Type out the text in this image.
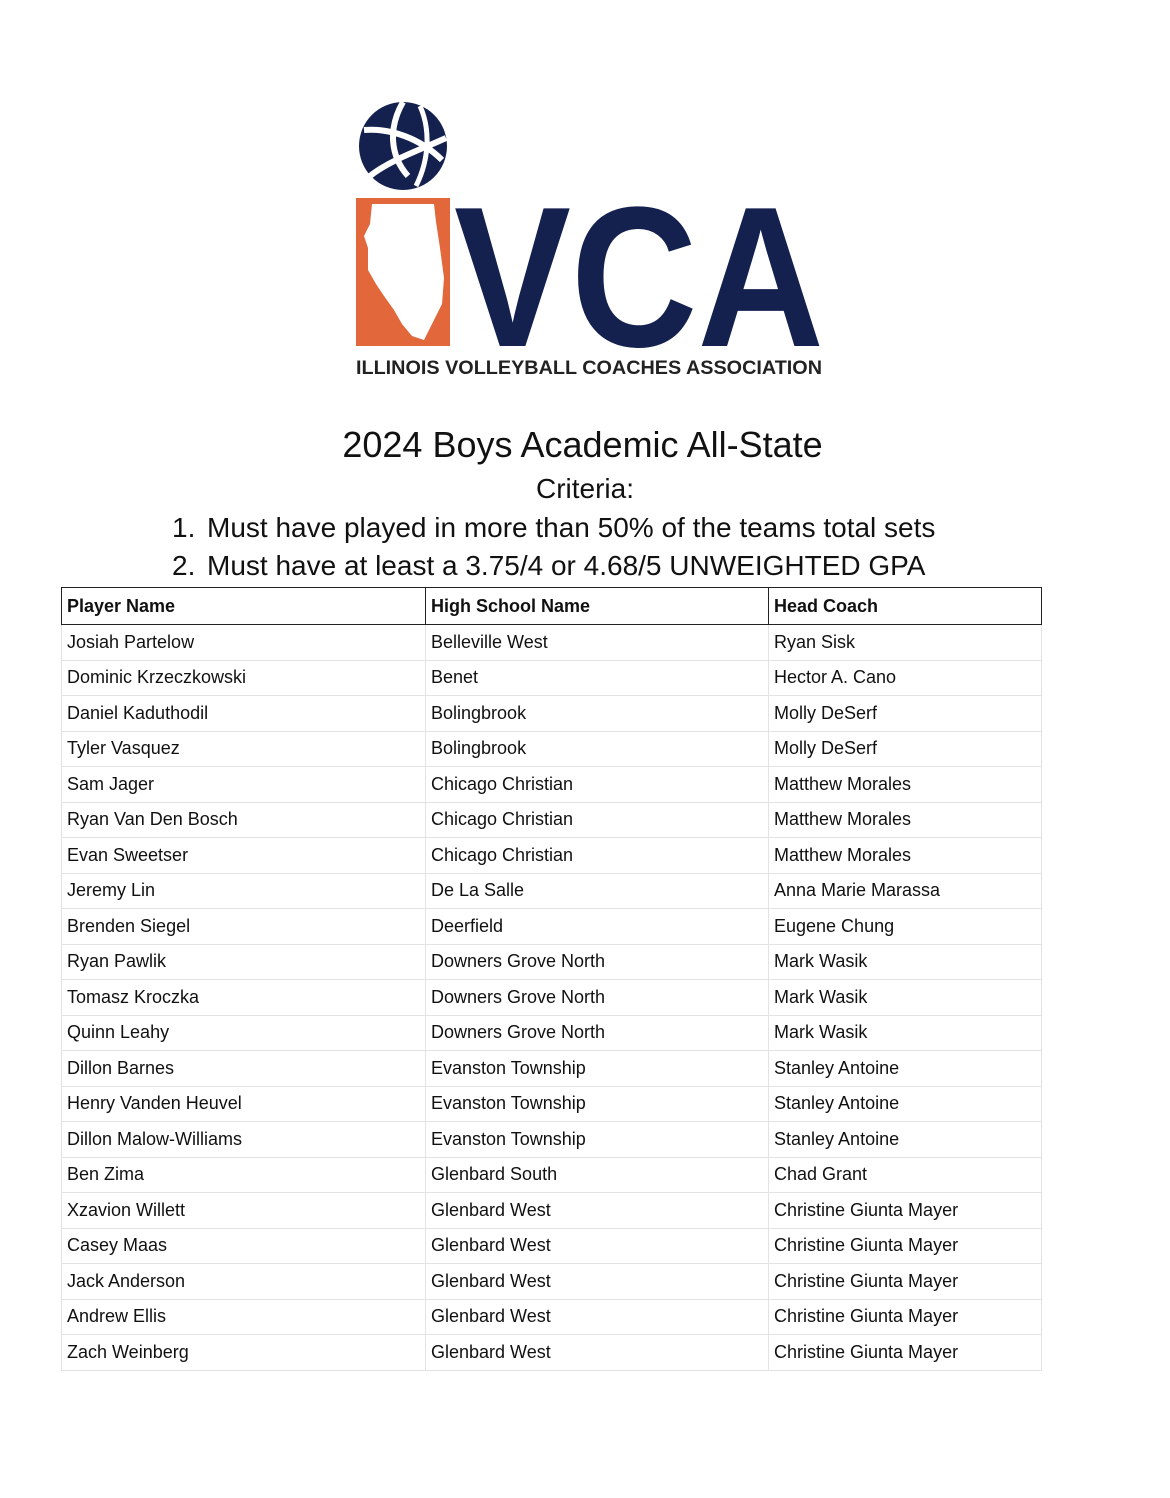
VCA
ILLINOIS VOLLEYBALL COACHES ASSOCIATION
2024 Boys Academic All-State
Criteria:
1. Must have played in more than 50% of the teams total sets
2. Must have at least a 3.75/4 or 4.68/5 UNWEIGHTED GPA
Player Name	High School Name	Head Coach
Josiah Partelow	Belleville West	Ryan Sisk
Dominic Krzeczkowski	Benet	Hector A. Cano
Daniel Kaduthodil	Bolingbrook	Molly DeSerf
Tyler Vasquez	Bolingbrook	Molly DeSerf
Sam Jager	Chicago Christian	Matthew Morales
Ryan Van Den Bosch	Chicago Christian	Matthew Morales
Evan Sweetser	Chicago Christian	Matthew Morales
Jeremy Lin	De La Salle	Anna Marie Marassa
Brenden Siegel	Deerfield	Eugene Chung
Ryan Pawlik	Downers Grove North	Mark Wasik
Tomasz Kroczka	Downers Grove North	Mark Wasik
Quinn Leahy	Downers Grove North	Mark Wasik
Dillon Barnes	Evanston Township	Stanley Antoine
Henry Vanden Heuvel	Evanston Township	Stanley Antoine
Dillon Malow-Williams	Evanston Township	Stanley Antoine
Ben Zima	Glenbard South	Chad Grant
Xzavion Willett	Glenbard West	Christine Giunta Mayer
Casey Maas	Glenbard West	Christine Giunta Mayer
Jack Anderson	Glenbard West	Christine Giunta Mayer
Andrew Ellis	Glenbard West	Christine Giunta Mayer
Zach Weinberg	Glenbard West	Christine Giunta Mayer
